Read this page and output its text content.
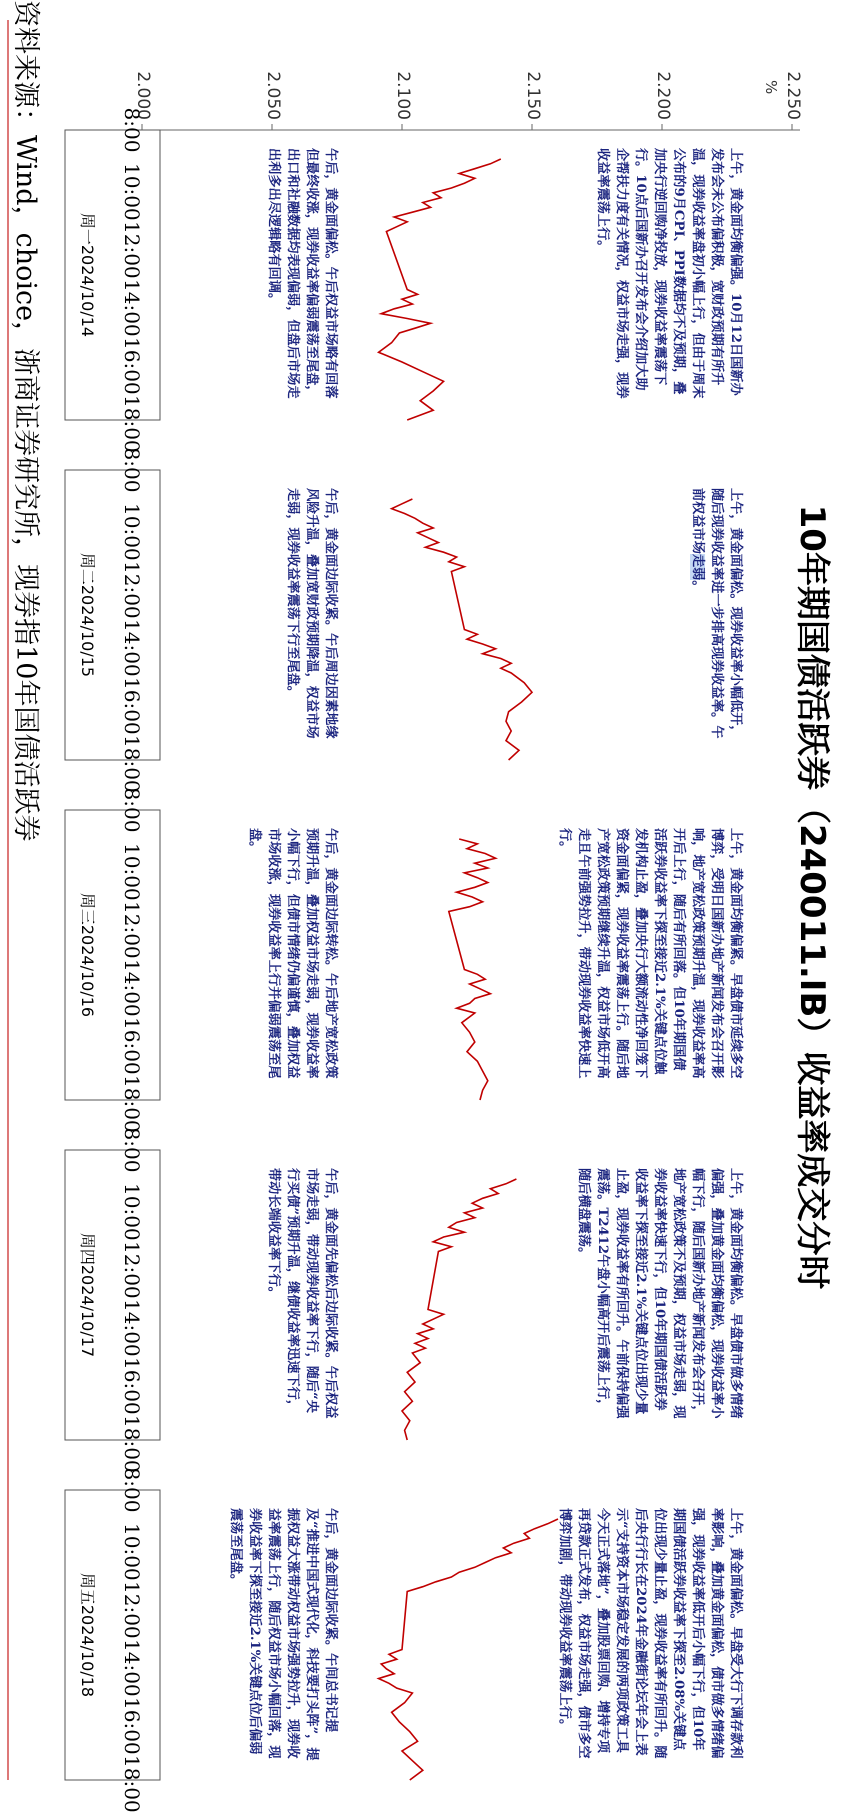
10年期国债活跃券（240011.IB）收益率成交分时
%
2.000	2.050	2.100	2.150	2.200	2.250
8:00
10:00
12:00
14:00
16:00
18:00
周一2024/10/14
8:00
10:00
12:00
14:00
16:00
18:00
周二2024/10/15
8:00
10:00
12:00
14:00
16:00
18:00
周三2024/10/16
8:00
10:00
12:00
14:00
16:00
18:00
周四2024/10/17
8:00
10:00
12:00
14:00
16:00
18:00
周五2024/10/18
上午，黄金面均衡偏强。10月12日国新办发布会未公布偏积极，宽财政预期有所升温，现券收益率盘初小幅上行，但由于周末公布的9月CPI、PPI数据均不及预期，叠加央行逆回购净投放，现券收益率震荡下行。10点后国新办召开发布会介绍加大助企帮扶力度有关情况，权益市场走强，现券收益率震荡上行。
午后，黄金面偏松。午后权益市场略有回落但最终收涨，现券收益率偏弱震荡至尾盘，出口和社融数据均表现偏弱，但盘后市场走出利多出尽逻辑略有回调。
上午，黄金面偏松。现券收益率小幅低开，随后现券收益率进一步排高现券收益率。午前权益市场走弱。
午后，黄金面边际收紧。午后周边因素地缘风险升温，叠加宽财政预期降温，权益市场走弱，现券收益率震荡下行至尾盘。
上午，黄金面均衡偏紧。早盘债市延续多空博弈，受明日国新办地产新闻发布会召开影响，地产宽松政策预期升温，现券收益率高开后上行，随后有所回落。但10年期国债活跃券收益率下探至接近2.1%关键点位触发机构止盈，叠加央行大额流动性净回笼下资金面偏紧，现券收益率震荡上行。随后地产宽松政策预期继续升温，权益市场低开高走且午前强势拉升，带动现券收益率快速上行。
午后，黄金面边际转松。午后地产宽松政策预期升温，叠加权益市场走弱，现券收益率小幅下行，但债市情绪仍偏谨慎，叠加权益市场收涨，现券收益率上行并偏弱震荡至尾盘。
上午，黄金面均衡偏松。早盘债市做多情绪偏强，叠加黄金面均衡偏松，现券收益率小幅下行，随后国新办地产新闻发布会召开，地产宽松政策不及预期，权益市场走弱，现券收益率快速下行，但10年期国债活跃券收益率下探至接近2.1%关键点位出现少量止盈，现券收益率有所回升。午前保持偏强震荡。T2412午盘小幅高开后震荡上行，随后横盘震荡。
午后，黄金面先偏松后边际收紧。午后权益市场走弱，带动现券收益率下行，随后“央行买债”预期升温，继债收益率迅速下行，带动长端收益率下行。
上午，黄金面偏松。早盘受大行下调存款利率影响，叠加黄金面偏松，债市做多情绪偏强，现券收益率低开后小幅下行，但10年期国债活跃券收益率下探至2.08%关键点位出现少量止盈，现券收益率有所回升。随后央行行长在2024年金融街论坛年会上表示“支持资本市场稳定发展的两项政策工具今天正式落地”，叠加股票回购、增持专项再贷款正式发布，权益市场走强，债市多空博弈加剧，带动现券收益率震荡上行。
午后，黄金面边际收紧。午间总书记提及“推进中国式现代化，科技要打头阵”，提振权益大涨带动权益市场强势拉升，现券收益率震荡上行，随后权益市场小幅回落，现券收益率下探至接近2.1%关键点位后偏弱震荡至尾盘。
资料来源：Wind，choice，浙商证券研究所，现券指10年国债活跃券
